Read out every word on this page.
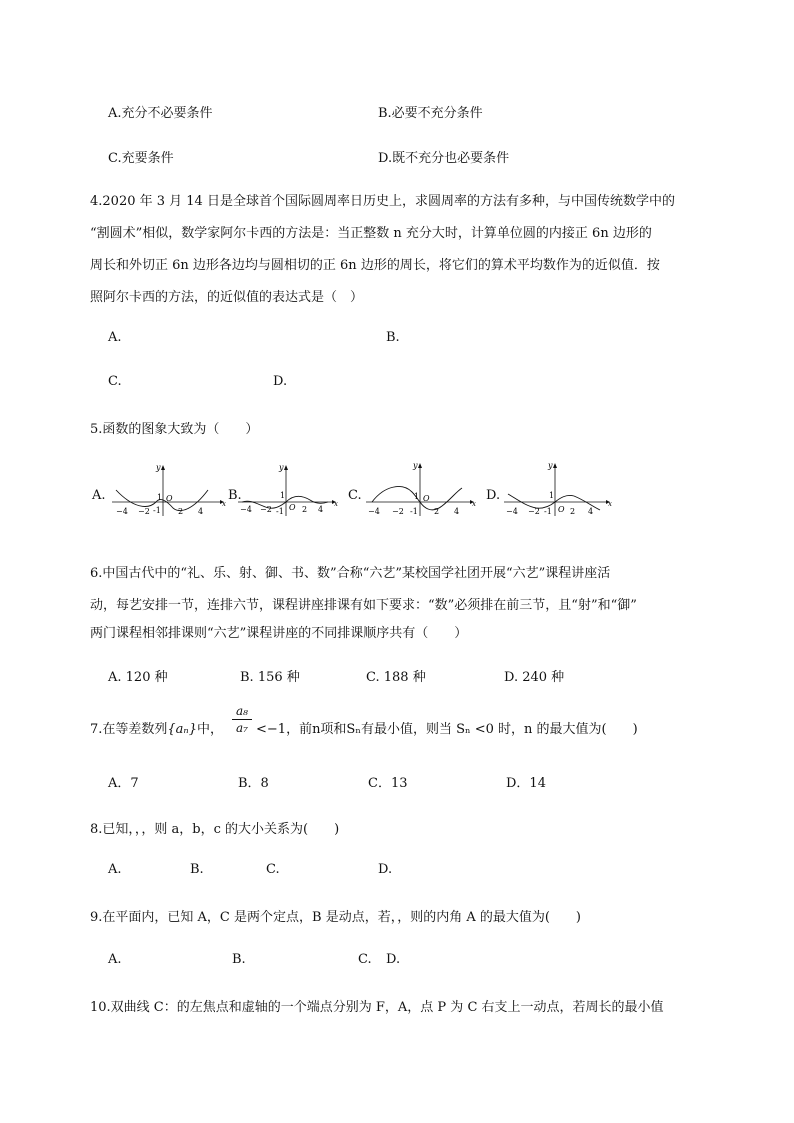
A.充分不必要条件	B.必要不充分条件
C.充要条件	D.既不充分也必要条件
4.2020 年 3 月 14 日是全球首个国际圆周率日历史上，求圆周率的方法有多种，与中国传统数学中的
“割圆术”相似，数学家阿尔卡西的方法是：当正整数 n 充分大时，计算单位圆的内接正 6n 边形的
周长和外切正 6n 边形各边均与圆相切的正 6n 边形的周长，将它们的算术平均数作为的近似值．按
照阿尔卡西的方法，的近似值的表达式是（　）
A.	B.
C.	D.
5.函数的图象大致为（　　）
A.
y
x
1 O
-1
−4 −2	2 4
B.
y
x
1
O
-1
−4 −2	2 4
C.
y
x
1 O
-1
−4 −2	2 4
D.
y
x
1
O
-1
−4 −2	2 4
6.中国古代中的“礼、乐、射、御、书、数”合称“六艺”某校国学社团开展“六艺”课程讲座活
动，每艺安排一节，连排六节，课程讲座排课有如下要求：“数”必须排在前三节，且“射”和“御”
两门课程相邻排课则“六艺”课程讲座的不同排课顺序共有（　　）
A. 120 种	B. 156 种	C. 188 种	D. 240 种
7.在等差数列{aₙ}中，
a₈
a₇ <−1，前n项和Sₙ有最小值，则当 Sₙ <0 时，n 的最大值为(　　)
A．7	B．8	C．13	D．14
8.已知，，，则 a，b，c 的大小关系为(　　)
A.	B.	C.	D.
9.在平面内，已知 A，C 是两个定点，B 是动点，若，，则的内角 A 的最大值为(　　)
A.	B.	C. D.
10.双曲线 C：的左焦点和虚轴的一个端点分别为 F，A，点 P 为 C 右支上一动点，若周长的最小值
